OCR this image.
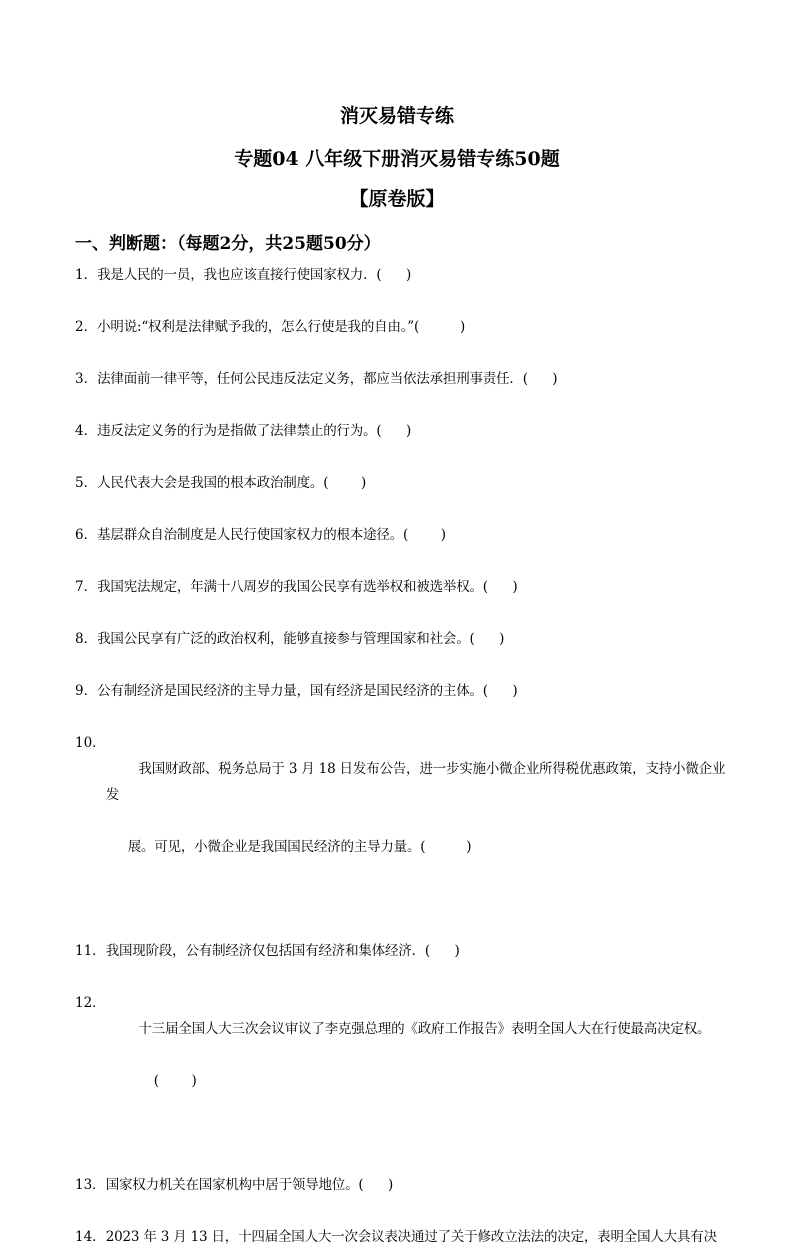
消灭易错专练
专题04 八年级下册消灭易错专练50题
【原卷版】
一、判断题：（每题2分，共25题50分）
1． 我是人民的一员，我也应该直接行使国家权力．(      )
2． 小明说:“权利是法律赋予我的，怎么行使是我的自由。”(          )
3． 法律面前一律平等，任何公民违反法定义务，都应当依法承担刑事责任．(      )
4． 违反法定义务的行为是指做了法律禁止的行为。(      )
5． 人民代表大会是我国的根本政治制度。(        )
6． 基层群众自治制度是人民行使国家权力的根本途径。(        )
7． 我国宪法规定，年满十八周岁的我国公民享有选举权和被选举权。(      )
8． 我国公民享有广泛的政治权利，能够直接参与管理国家和社会。(      )
9． 公有制经济是国民经济的主导力量，国有经济是国民经济的主体。(      )
10．

我国财政部、税务总局于 3 月 18 日发布公告，进一步实施小微企业所得税优惠政策，支持小微企业发

展。可见，小微企业是我国国民经济的主导力量。(          )

11． 我国现阶段，公有制经济仅包括国有经济和集体经济．(      )
12．

十三届全国人大三次会议审议了李克强总理的《政府工作报告》表明全国人大在行使最高决定权。

(        )

13． 国家权力机关在国家机构中居于领导地位。(      )
14． 2023 年 3 月 13 日，十四届全国人大一次会议表决通过了关于修改立法法的决定，表明全国人大具有决
